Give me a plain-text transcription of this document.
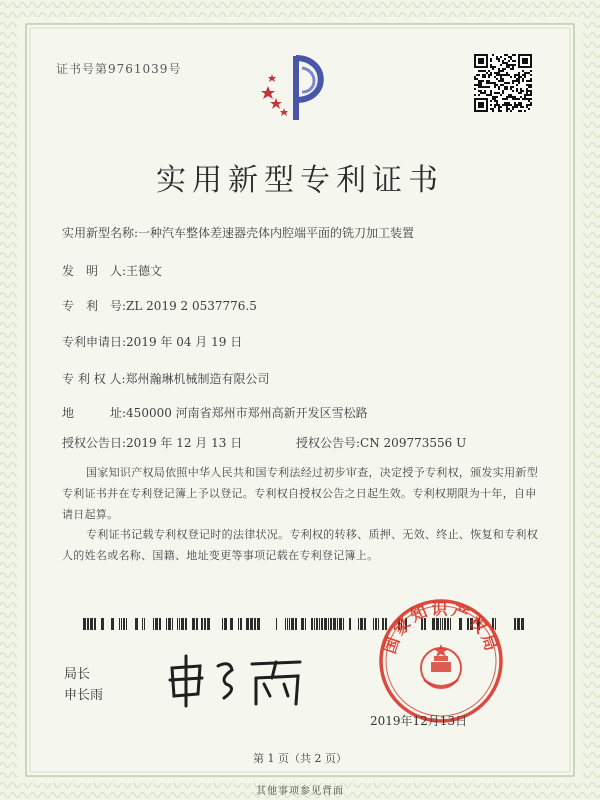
证书号第9761039号
实用新型专利证书
实用新型名称:一种汽车整体差速器壳体内腔端平面的铣刀加工装置
发　明　人:王德文
专　利　号:ZL 2019 2 0537776.5
专利申请日:2019 年 04 月 19 日
专 利 权 人:郑州瀚琳机械制造有限公司
地　　　址:450000 河南省郑州市郑州高新开发区雪松路
授权公告日:2019 年 12 月 13 日	授权公告号:CN 209773556 U
国家知识产权局依照中华人民共和国专利法经过初步审查，决定授予专利权，颁发实用新型专利证书并在专利登记簿上予以登记。专利权自授权公告之日起生效。专利权期限为十年，自申请日起算。
专利证书记载专利权登记时的法律状况。专利权的转移、质押、无效、终止、恢复和专利权人的姓名或名称、国籍、地址变更等事项记载在专利登记簿上。
局长
申长雨
国家知识产权局
2019年12月13日
第 1 页（共 2 页）
其他事项参见背面
